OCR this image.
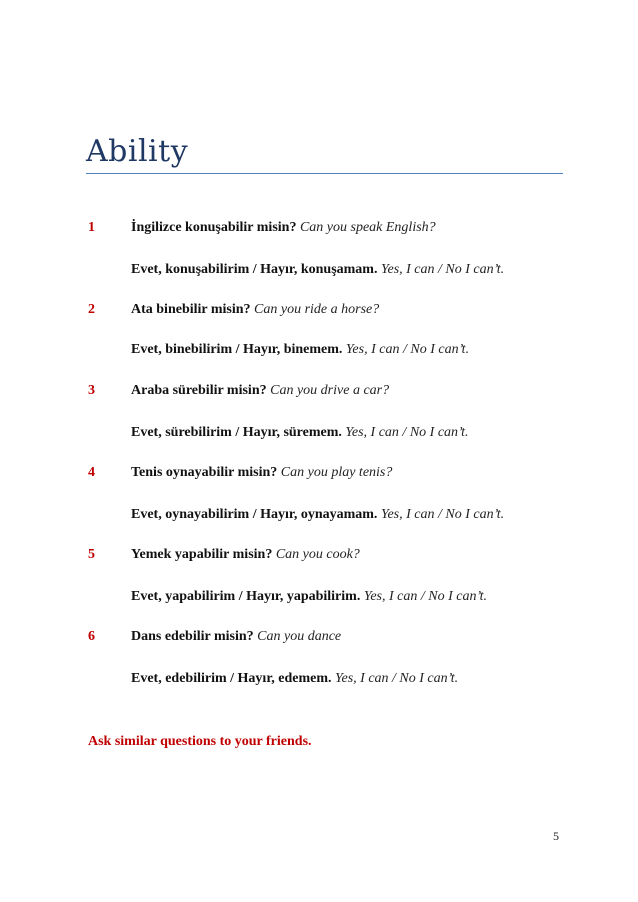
Ability
1	İngilizce konuşabilir misin? Can you speak English?
Evet, konuşabilirim / Hayır, konuşamam. Yes, I can / No I can’t.
2	Ata binebilir misin? Can you ride a horse?
Evet, binebilirim / Hayır, binemem. Yes, I can / No I can’t.
3	Araba sürebilir misin? Can you drive a car?
Evet, sürebilirim / Hayır, süremem. Yes, I can / No I can’t.
4	Tenis oynayabilir misin? Can you play tenis?
Evet, oynayabilirim / Hayır, oynayamam. Yes, I can / No I can’t.
5	Yemek yapabilir misin? Can you cook?
Evet, yapabilirim / Hayır, yapabilirim. Yes, I can / No I can’t.
6	Dans edebilir misin? Can you dance
Evet, edebilirim / Hayır, edemem. Yes, I can / No I can’t.
Ask similar questions to your friends.
5
